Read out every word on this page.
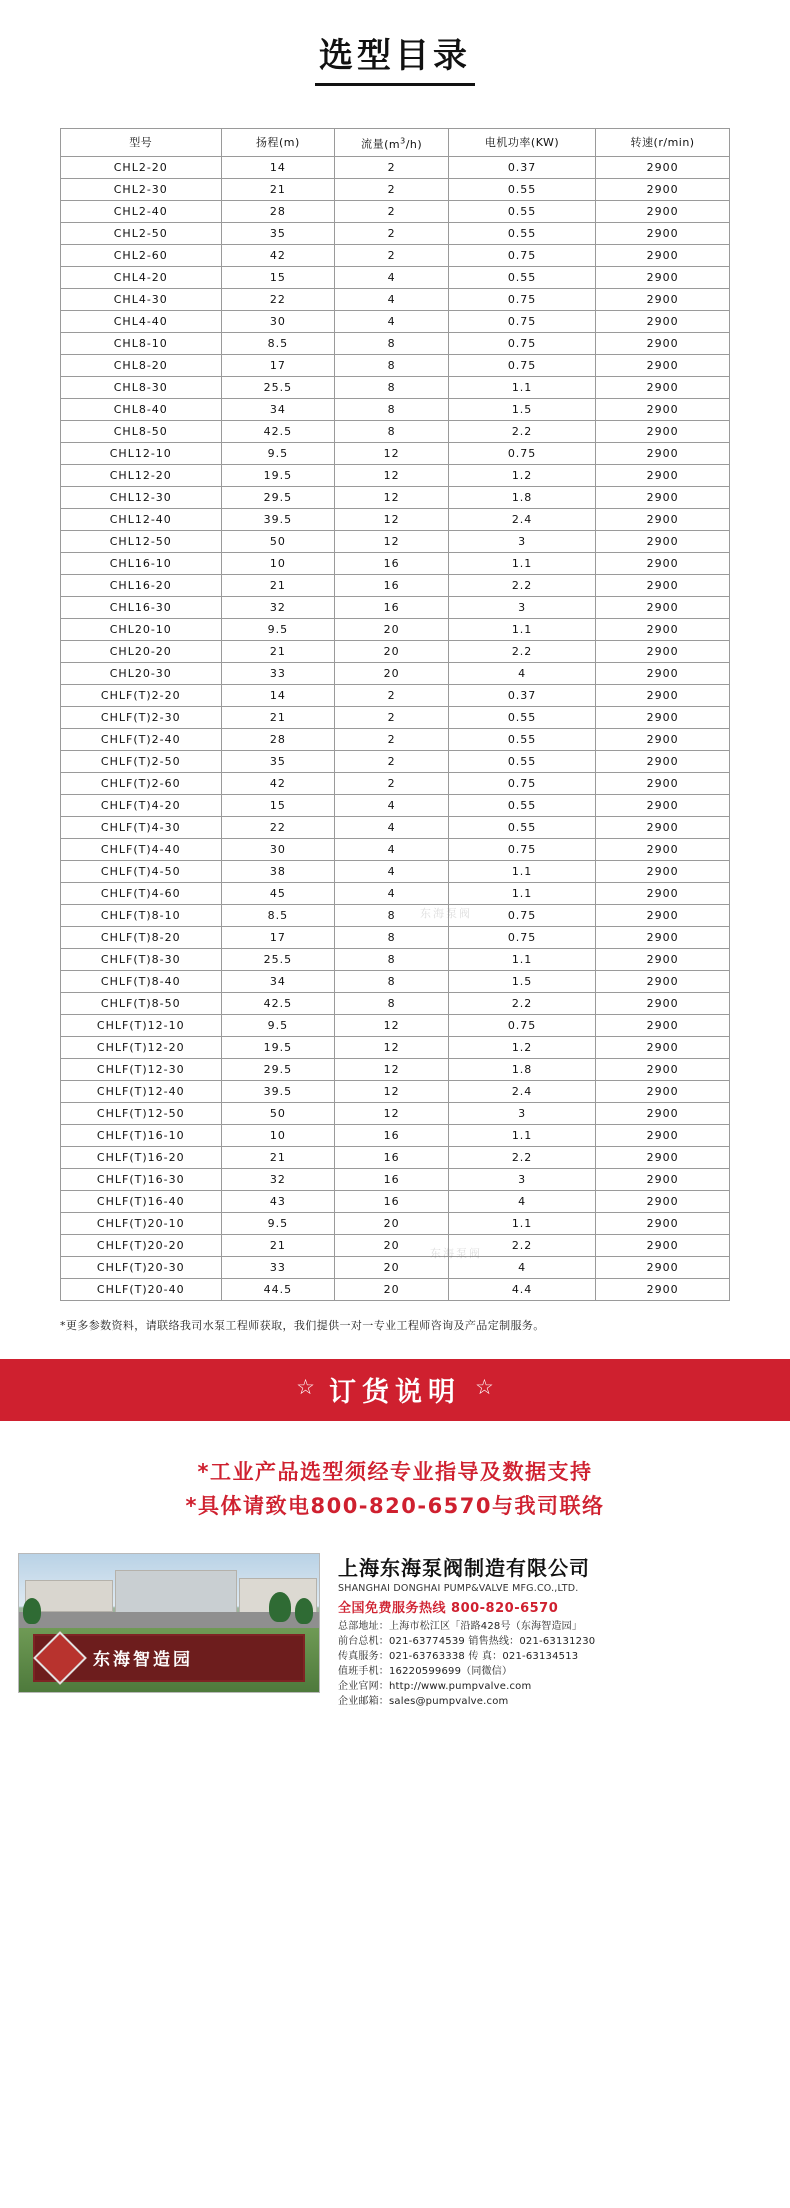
选型目录
型号	扬程(m)	流量$(m^3/h)$	电机功率(KW)	转速(r/min)
CHL2-20	14	2	0.37	2900
CHL2-30	21	2	0.55	2900
CHL2-40	28	2	0.55	2900
CHL2-50	35	2	0.55	2900
CHL2-60	42	2	0.75	2900
CHL4-20	15	4	0.55	2900
CHL4-30	22	4	0.75	2900
CHL4-40	30	4	0.75	2900
CHL8-10	8.5	8	0.75	2900
CHL8-20	17	8	0.75	2900
CHL8-30	25.5	8	1.1	2900
CHL8-40	34	8	1.5	2900
CHL8-50	42.5	8	2.2	2900
CHL12-10	9.5	12	0.75	2900
CHL12-20	19.5	12	1.2	2900
CHL12-30	29.5	12	1.8	2900
CHL12-40	39.5	12	2.4	2900
CHL12-50	50	12	3	2900
CHL16-10	10	16	1.1	2900
CHL16-20	21	16	2.2	2900
CHL16-30	32	16	3	2900
CHL20-10	9.5	20	1.1	2900
CHL20-20	21	20	2.2	2900
CHL20-30	33	20	4	2900
CHLF(T)2-20	14	2	0.37	2900
CHLF(T)2-30	21	2	0.55	2900
CHLF(T)2-40	28	2	0.55	2900
CHLF(T)2-50	35	2	0.55	2900
CHLF(T)2-60	42	2	0.75	2900
CHLF(T)4-20	15	4	0.55	2900
CHLF(T)4-30	22	4	0.55	2900
CHLF(T)4-40	30	4	0.75	2900
CHLF(T)4-50	38	4	1.1	2900
CHLF(T)4-60	45	4	1.1	2900
CHLF(T)8-10	8.5	8	0.75	2900
CHLF(T)8-20	17	8	0.75	2900
CHLF(T)8-30	25.5	8	1.1	2900
CHLF(T)8-40	34	8	1.5	2900
CHLF(T)8-50	42.5	8	2.2	2900
CHLF(T)12-10	9.5	12	0.75	2900
CHLF(T)12-20	19.5	12	1.2	2900
CHLF(T)12-30	29.5	12	1.8	2900
CHLF(T)12-40	39.5	12	2.4	2900
CHLF(T)12-50	50	12	3	2900
CHLF(T)16-10	10	16	1.1	2900
CHLF(T)16-20	21	16	2.2	2900
CHLF(T)16-30	32	16	3	2900
CHLF(T)16-40	43	16	4	2900
CHLF(T)20-10	9.5	20	1.1	2900
CHLF(T)20-20	21	20	2.2	2900
CHLF(T)20-30	33	20	4	2900
CHLF(T)20-40	44.5	20	4.4	2900
*更多参数资料，请联络我司水泵工程师获取，我们提供一对一专业工程师咨询及产品定制服务。
☆ 订货说明 ☆
*工业产品选型须经专业指导及数据支持
*具体请致电800-820-6570与我司联络
东海智造园
上海东海泵阀制造有限公司
SHANGHAI DONGHAI PUMP&VALVE MFG.CO.,LTD.
全国免费服务热线 800-820-6570
总部地址：上海市松江区「沿路428号（东海智造园」
前台总机：021-63774539 销售热线：021-63131230
传真服务：021-63763338 传 真：021-63134513
值班手机：16220599699（同微信）
企业官网：http://www.pumpvalve.com
企业邮箱：sales@pumpvalve.com
东海泵阀
东海泵阀
